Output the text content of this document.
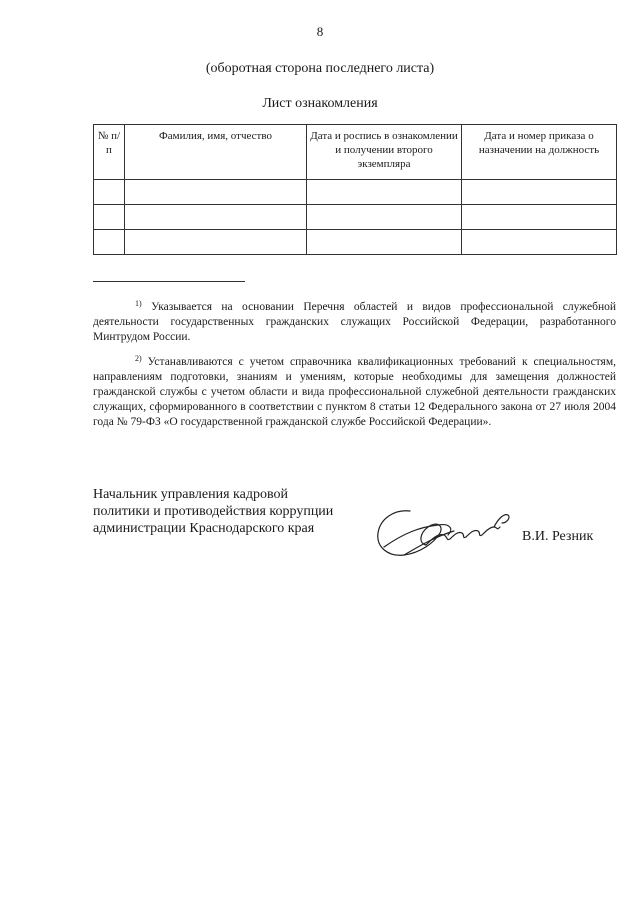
8
(оборотная сторона последнего листа)
Лист ознакомления
№ п/п	Фамилия, имя, отчество	Дата и роспись в ознакомлении и получении второго экземпляра	Дата и номер приказа о назначении на должность

$^{1)}$ Указывается на основании Перечня областей и видов профессиональной служебной деятельности государственных гражданских служащих Российской Федерации, разработанного Минтрудом России.

$^{2)}$ Устанавливаются с учетом справочника квалификационных требований к специальностям, направлениям подготовки, знаниям и умениям, которые необходимы для замещения должностей гражданской службы с учетом области и вида профессиональной служебной деятельности гражданских служащих, сформированного в соответствии с пунктом 8 статьи 12 Федерального закона от 27 июля 2004 года № 79-ФЗ «О государственной гражданской службе Российской Федерации».

Начальник управления кадровой
политики и противодействия коррупции
администрации Краснодарского края
В.И. Резник
